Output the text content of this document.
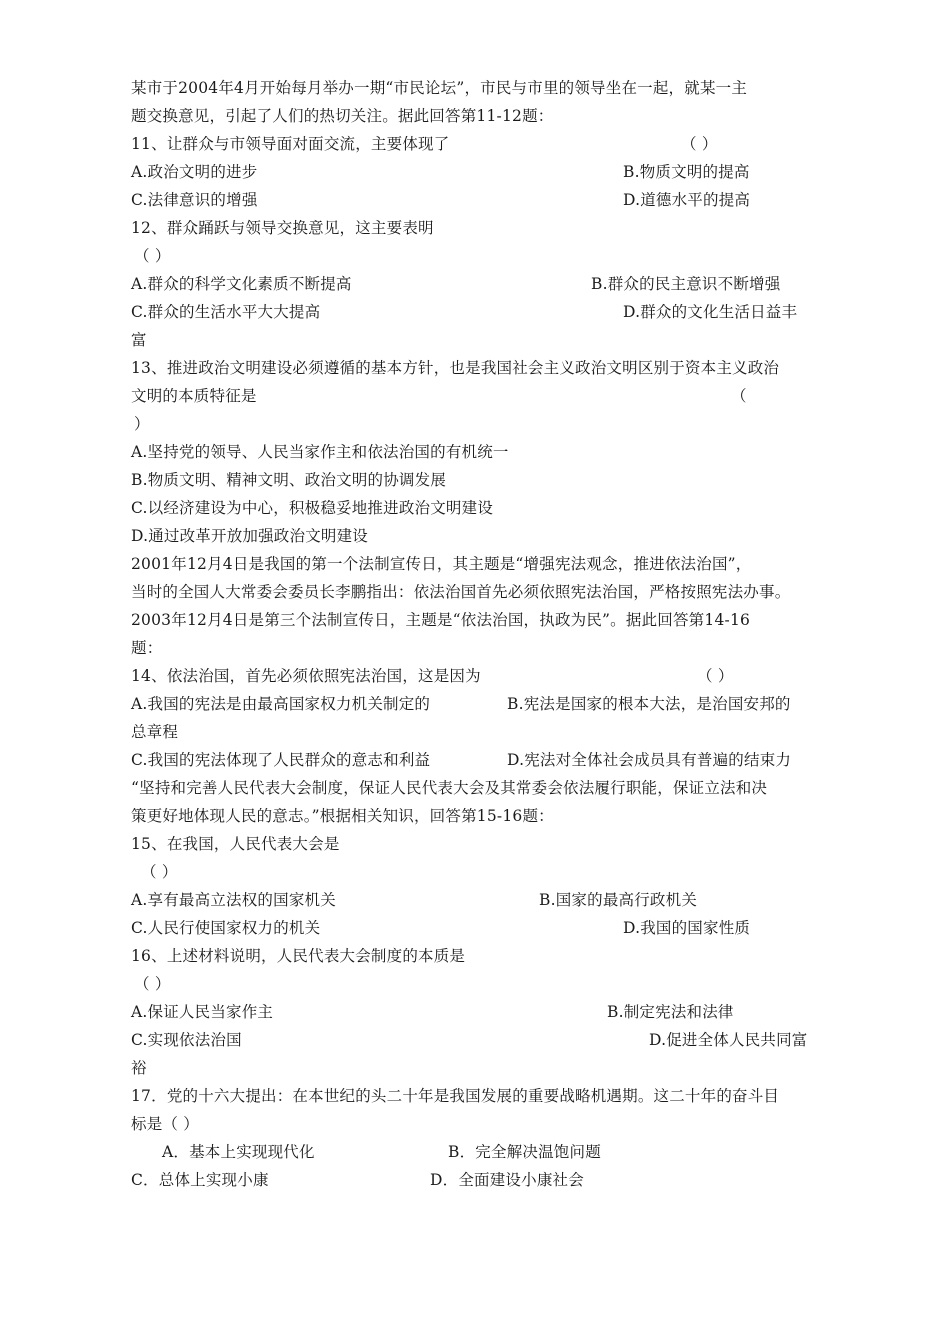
某市于2004年4月开始每月举办一期“市民论坛”，市民与市里的领导坐在一起，就某一主
题交换意见，引起了人们的热切关注。据此回答第11-12题：
11、让群众与市领导面对面交流，主要体现了	（ ）
A.政治文明的进步	B.物质文明的提高
C.法律意识的增强	D.道德水平的提高
12、群众踊跃与领导交换意见，这主要表明
（ ）
A.群众的科学文化素质不断提高	B.群众的民主意识不断增强
C.群众的生活水平大大提高	D.群众的文化生活日益丰
富
13、推进政治文明建设必须遵循的基本方针，也是我国社会主义政治文明区别于资本主义政治
文明的本质特征是	（
）
A.坚持党的领导、人民当家作主和依法治国的有机统一
B.物质文明、精神文明、政治文明的协调发展
C.以经济建设为中心，积极稳妥地推进政治文明建设
D.通过改革开放加强政治文明建设
2001年12月4日是我国的第一个法制宣传日，其主题是“增强宪法观念，推进依法治国”，
当时的全国人大常委会委员长李鹏指出：依法治国首先必须依照宪法治国，严格按照宪法办事。
2003年12月4日是第三个法制宣传日，主题是“依法治国，执政为民”。据此回答第14-16
题：
14、依法治国，首先必须依照宪法治国，这是因为	（ ）
A.我国的宪法是由最高国家权力机关制定的	B.宪法是国家的根本大法，是治国安邦的
总章程
C.我国的宪法体现了人民群众的意志和利益	D.宪法对全体社会成员具有普遍的结束力
“坚持和完善人民代表大会制度，保证人民代表大会及其常委会依法履行职能，保证立法和决
策更好地体现人民的意志。”根据相关知识，回答第15-16题：
15、在我国，人民代表大会是
（ ）
A.享有最高立法权的国家机关	B.国家的最高行政机关
C.人民行使国家权力的机关	D.我国的国家性质
16、上述材料说明，人民代表大会制度的本质是
（ ）
A.保证人民当家作主	B.制定宪法和法律
C.实现依法治国	D.促进全体人民共同富
裕
17．党的十六大提出：在本世纪的头二十年是我国发展的重要战略机遇期。这二十年的奋斗目
标是（ ）
A．基本上实现现代化	B．完全解决温饱问题
C．总体上实现小康	D．全面建设小康社会
